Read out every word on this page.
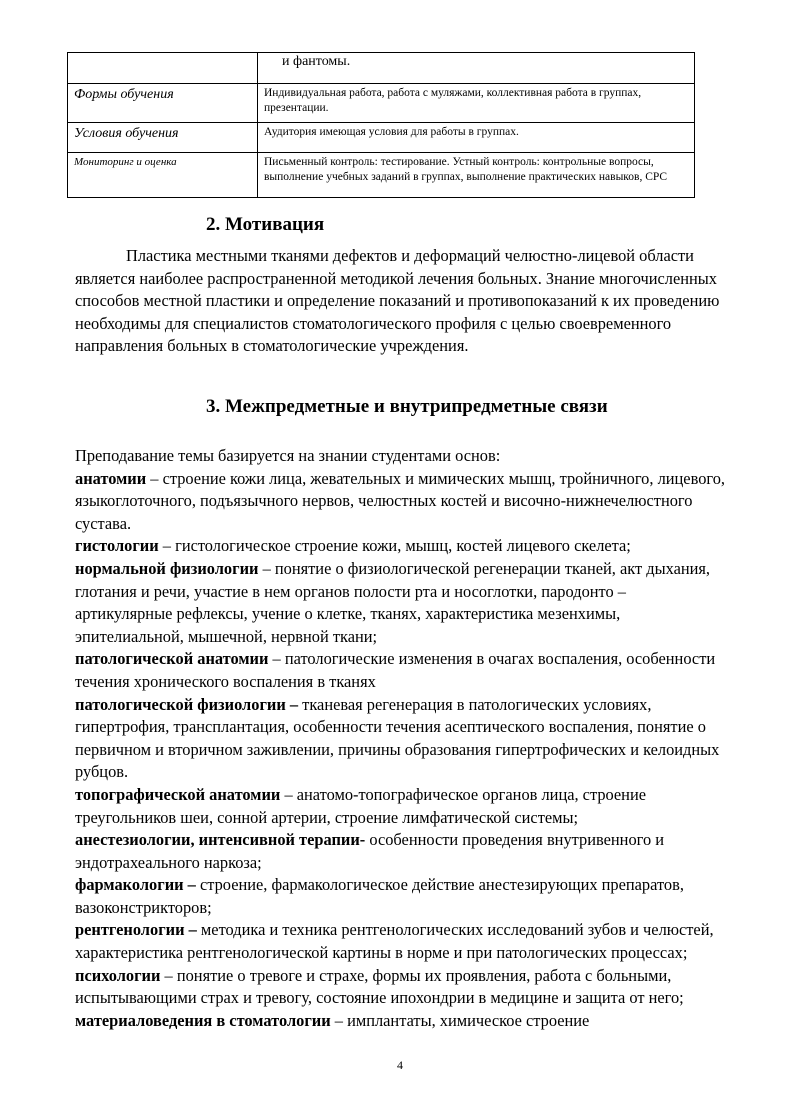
	и фантомы.
Формы обучения	Индивидуальная работа, работа с муляжами, коллективная работа в группах, презентации.
Условия обучения	Аудитория имеющая условия для работы в группах.
Мониторинг и оценка	Письменный контроль: тестирование. Устный контроль: контрольные вопросы, выполнение учебных заданий в группах, выполнение практических навыков, СРС
2. Мотивация
Пластика местными тканями дефектов и деформаций челюстно-лицевой области является наиболее распространенной методикой лечения больных. Знание многочисленных способов местной пластики и определение показаний и противопоказаний к их проведению необходимы для специалистов стоматологического профиля с целью своевременного направления больных в стоматологические учреждения.
3. Межпредметные и внутрипредметные связи

Преподавание темы базируется на знании студентами основ:

анатомии – строение кожи лица, жевательных и мимических мышц, тройничного, лицевого, языкоглоточного, подъязычного нервов, челюстных костей и височно-нижнечелюстного сустава.

гистологии – гистологическое строение кожи, мышц, костей лицевого скелета;

нормальной физиологии – понятие о физиологической регенерации тканей, акт дыхания, глотания и речи, участие в нем органов полости рта и носоглотки, пародонто – артикулярные рефлексы, учение о клетке, тканях, характеристика мезенхимы, эпителиальной, мышечной, нервной ткани;

патологической анатомии – патологические изменения в очагах воспаления, особенности течения хронического воспаления в тканях

патологической физиологии – тканевая регенерация в патологических условиях, гипертрофия, трансплантация, особенности течения асептического воспаления, понятие о первичном и вторичном заживлении, причины образования гипертрофических и келоидных рубцов.

топографической анатомии – анатомо-топографическое органов лица, строение треугольников шеи, сонной артерии, строение лимфатической системы;

анестезиологии, интенсивной терапии- особенности проведения внутривенного и эндотрахеального наркоза;

фармакологии – строение, фармакологическое действие анестезирующих препаратов, вазоконстрикторов;

рентгенологии – методика и техника рентгенологических исследований зубов и челюстей, характеристика рентгенологической картины в норме и при патологических процессах;

психологии – понятие о тревоге и страхе, формы их проявления, работа с больными, испытывающими страх и тревогу, состояние ипохондрии в медицине и защита от него;

материаловедения в стоматологии – имплантаты, химическое строение

4
